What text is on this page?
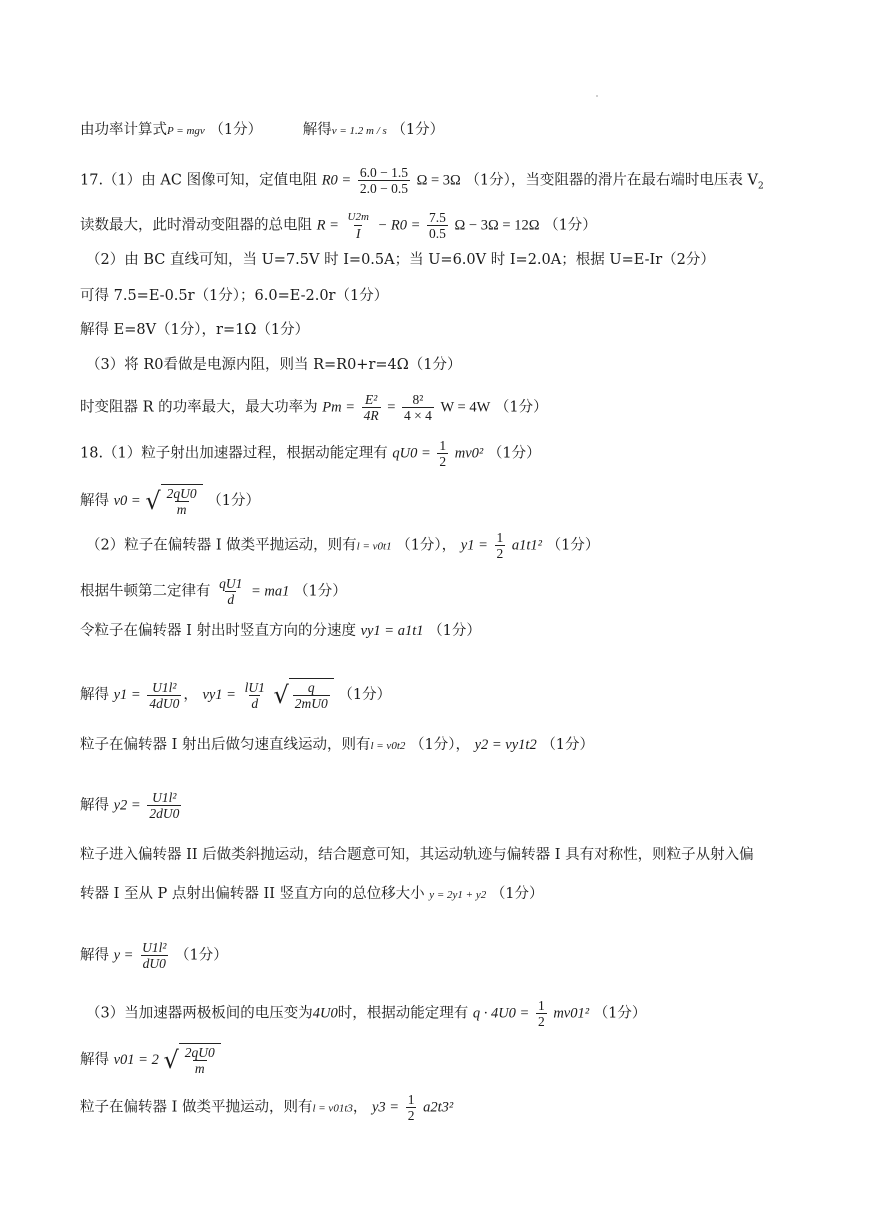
由功率计算式P = mgv （1分）	解得v = 1.2 m / s （1分）
17.（1）由 AC 图像可知，定值电阻 $R0 = \frac{6.0 - 1.5}{2.0 - 0.5}$ Ω = 3Ω （1分），当变阻器的滑片在最右端时电压表 $V_2$
读数最大，此时滑动变阻器的总电阻 $R = \frac{U2m}{I} - R0 = \frac{7.5}{0.5}$ Ω − 3Ω = 12Ω （1分）
（2）由 BC 直线可知，当 U=7.5V 时 I=0.5A；当 U=6.0V 时 I=2.0A；根据 U=E-Ir（2分）
可得 7.5=E-0.5r（1分）；6.0=E-2.0r（1分）
解得 E=8V（1分），r=1Ω（1分）
（3）将 R0看做是电源内阻，则当 R=R0+r=4Ω（1分）
时变阻器 R 的功率最大，最大功率为 $Pm = \frac{\text{E²}}{4R} = \frac{\text{8²}}{4 \times 4}$ W = 4W （1分）
18.（1）粒子射出加速器过程，根据动能定理有 $qU0 = \frac{1}{2} mv0^2$ （1分）
解得 v0 = √ $\frac{2qU0}{m} (1$分）
（2）粒子在偏转器 I 做类平抛运动，则有l = v0t1 （1分）， $y1 = \frac{1}{2} a1t1^2$ （1分）
根据牛顿第二定律有 $\frac{qU1}{d} = ma1$ （1分）
令粒子在偏转器 I 射出时竖直方向的分速度 vy1 = a1t1 （1分）
解得 $y1 = \frac{\text{U1l²}}{4dU0}$ ， $vy1 = \frac{lU1}{d}$
√ $\frac{q}{2mU0} (1$分）
粒子在偏转器 I 射出后做匀速直线运动，则有l = v0t2 （1分）， y2 = vy1t2 （1分）
解得 $y2 = \frac{\text{U1l²}}{2dU0}$
粒子进入偏转器 II 后做类斜抛运动，结合题意可知，其运动轨迹与偏转器 I 具有对称性，则粒子从射入偏
转器 I 至从 P 点射出偏转器 II 竖直方向的总位移大小 y = 2y1 + y2 （1分）
解得 $y = \frac{\text{U1l²}}{dU0} (1$分）
（3）当加速器两极板间的电压变为4U0时，根据动能定理有 $q \cdot 4U0 = \frac{1}{2} mv01^2$ （1分）
解得 v01 = 2 √ $\frac{2qU0}{m}$
粒子在偏转器 I 做类平抛运动，则有l = v01t3， $y3 = \frac{1}{2} a2t3^2$
